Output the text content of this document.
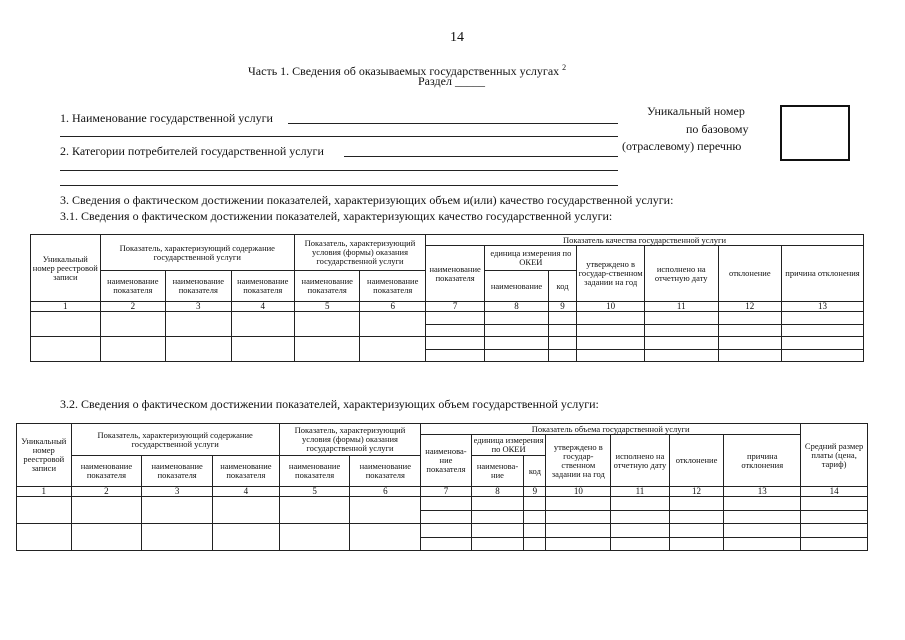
14
Часть 1. Сведения об оказываемых государственных услугах $^2$
Раздел _____
1. Наименование государственной услуги
2. Категории потребителей государственной услуги
Уникальный номер
по базовому
(отраслевому) перечню
3. Сведения о фактическом достижении показателей, характеризующих объем и(или) качество государственной услуги:
3.1. Сведения о фактическом достижении показателей, характеризующих качество государственной услуги:
Уникальный номер реестровой записи	Показатель, характеризующий содержание государственной услуги			Показатель, характеризующий условия (формы) оказания государственной услуги		Показатель качества государственной услуги						
						наименование показателя	единица измерения по ОКЕИ		утверждено в государ-ственном задании на год	исполнено на отчетную дату	отклонение	причина отклонения
	наименование показателя	наименование показателя	наименование показателя	наименование показателя	наименование показателя		наименование	код				
1	2	3	4	5	6	7	8	9	10	11	12	13

3.2. Сведения о фактическом достижении показателей, характеризующих объем государственной услуги:
Уникальный номер реестровой записи	Показатель, характеризующий содержание государственной услуги			Показатель, характеризующий условия (формы) оказания государственной услуги		Показатель объема государственной услуги							Средний размер платы (цена, тариф)
						наименова-ние показателя	единица измерения по ОКЕИ		утверждено в государ-ственном задании на год	исполнено на отчетную дату	отклонение	причина отклонения	
	наименование показателя	наименование показателя	наименование показателя	наименование показателя	наименование показателя		наименова-ние	код					
1	2	3	4	5	6	7	8	9	10	11	12	13	14
